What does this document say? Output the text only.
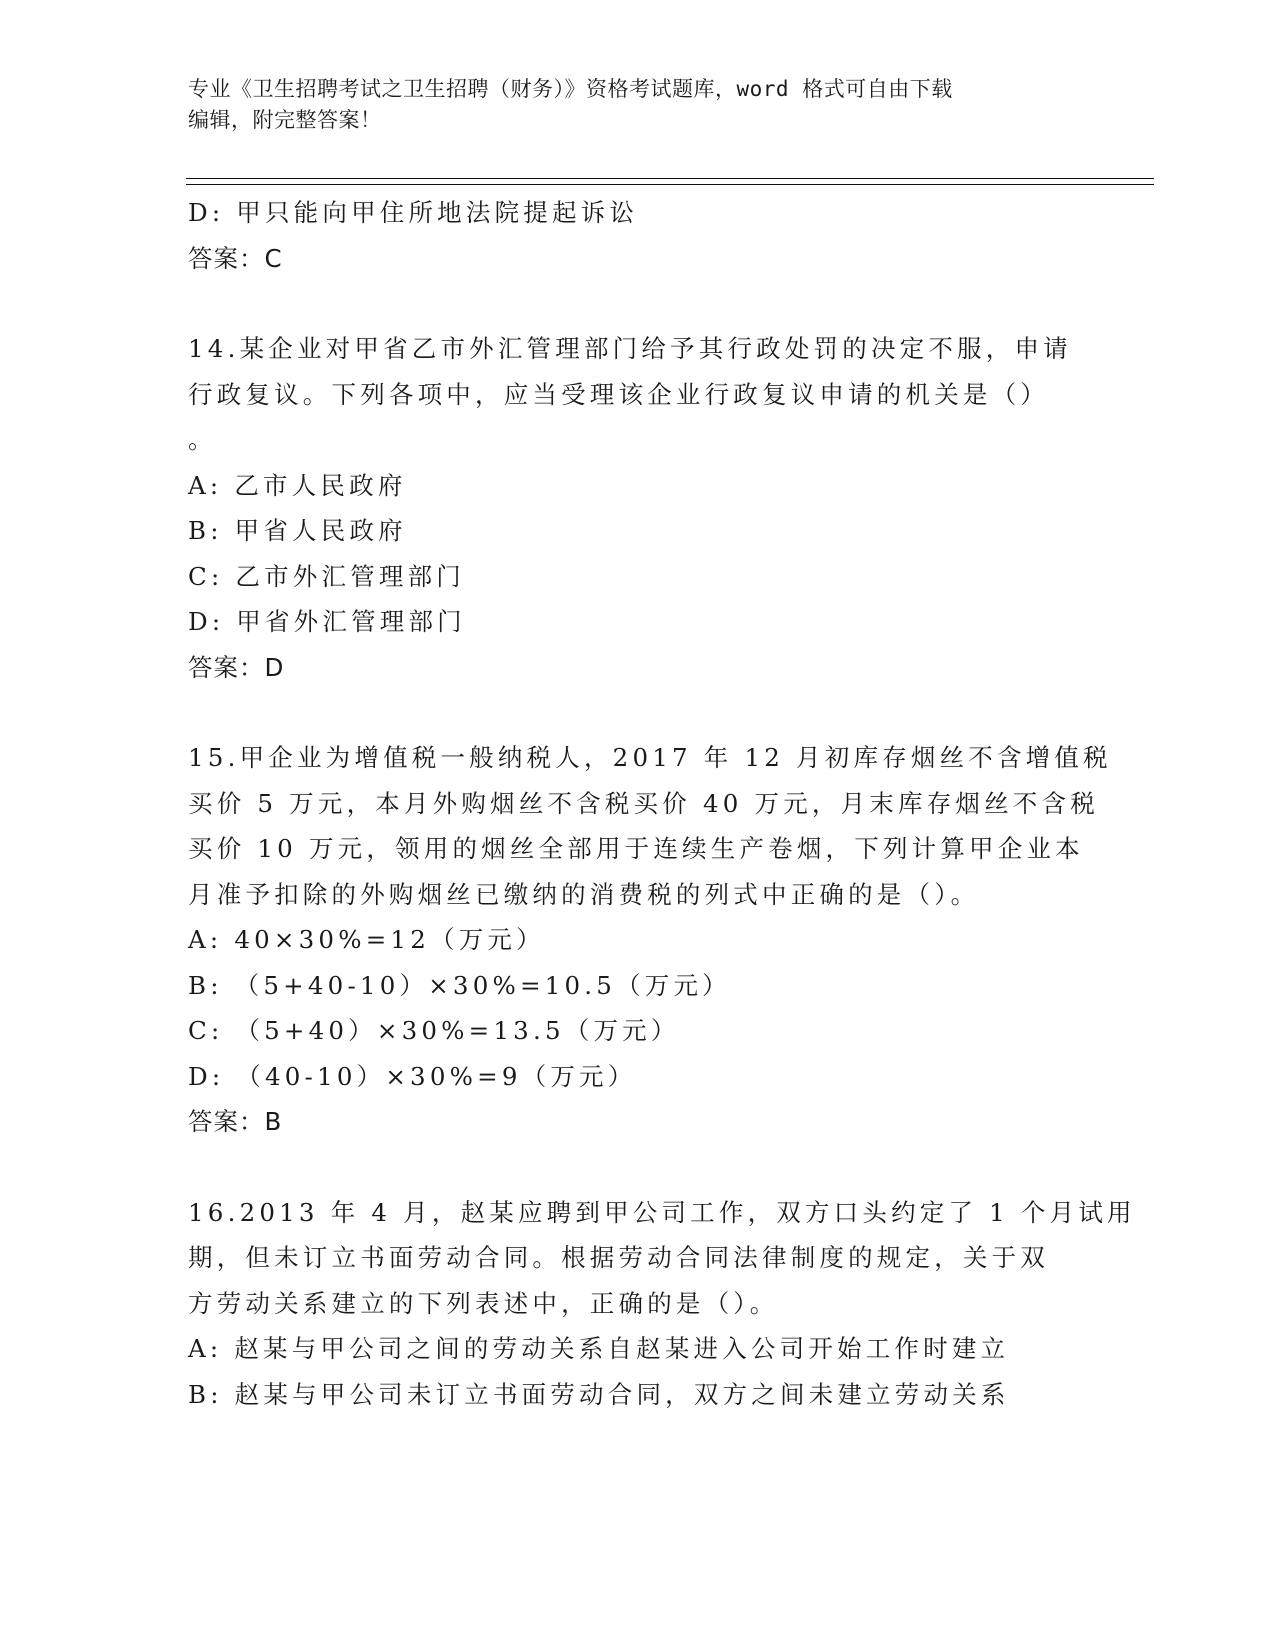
专业《卫生招聘考试之卫生招聘（财务）》资格考试题库，word 格式可自由下载
编辑，附完整答案！
D: 甲只能向甲住所地法院提起诉讼
答案：C
14.某企业对甲省乙市外汇管理部门给予其行政处罚的决定不服，申请
行政复议。下列各项中，应当受理该企业行政复议申请的机关是（）
。
A: 乙市人民政府
B: 甲省人民政府
C: 乙市外汇管理部门
D: 甲省外汇管理部门
答案：D
15.甲企业为增值税一般纳税人，2017 年 12 月初库存烟丝不含增值税
买价 5 万元，本月外购烟丝不含税买价 40 万元，月末库存烟丝不含税
买价 10 万元，领用的烟丝全部用于连续生产卷烟，下列计算甲企业本
月准予扣除的外购烟丝已缴纳的消费税的列式中正确的是（）。
A: 40×30%=12（万元）
B: （5+40-10）×30%=10.5（万元）
C: （5+40）×30%=13.5（万元）
D: （40-10）×30%=9（万元）
答案：B
16.2013 年 4 月，赵某应聘到甲公司工作，双方口头约定了 1 个月试用
期，但未订立书面劳动合同。根据劳动合同法律制度的规定，关于双
方劳动关系建立的下列表述中，正确的是（）。
A: 赵某与甲公司之间的劳动关系自赵某进入公司开始工作时建立
B: 赵某与甲公司未订立书面劳动合同，双方之间未建立劳动关系
